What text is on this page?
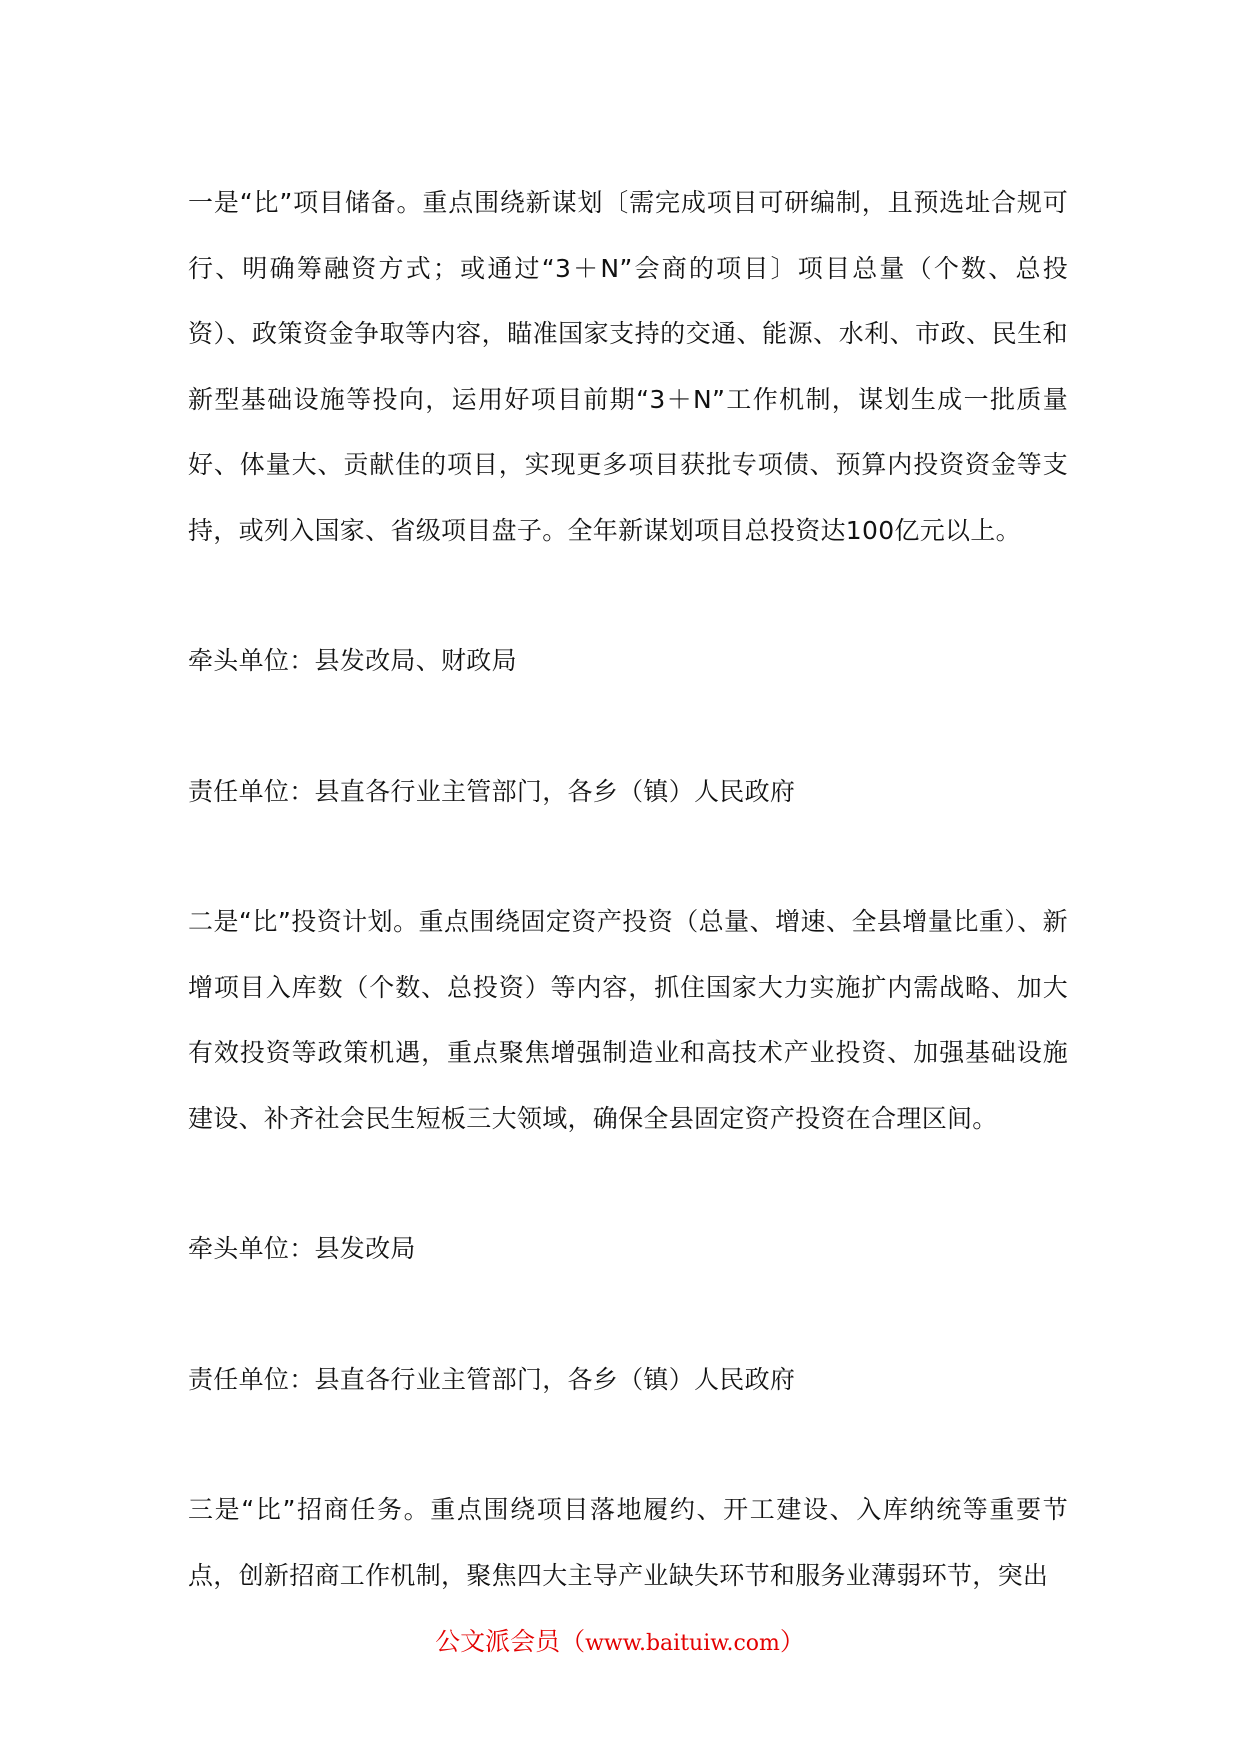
一是“比”项目储备。重点围绕新谋划〔需完成项目可研编制，且预选址合规可行、明确筹融资方式；或通过“3＋N”会商的项目〕项目总量（个数、总投资）、政策资金争取等内容，瞄准国家支持的交通、能源、水利、市政、民生和新型基础设施等投向，运用好项目前期“3＋N”工作机制，谋划生成一批质量好、体量大、贡献佳的项目，实现更多项目获批专项债、预算内投资资金等支持，或列入国家、省级项目盘子。全年新谋划项目总投资达100亿元以上。

牵头单位：县发改局、财政局

责任单位：县直各行业主管部门，各乡（镇）人民政府

二是“比”投资计划。重点围绕固定资产投资（总量、增速、全县增量比重）、新增项目入库数（个数、总投资）等内容，抓住国家大力实施扩内需战略、加大有效投资等政策机遇，重点聚焦增强制造业和高技术产业投资、加强基础设施建设、补齐社会民生短板三大领域，确保全县固定资产投资在合理区间。

牵头单位：县发改局

责任单位：县直各行业主管部门，各乡（镇）人民政府

三是“比”招商任务。重点围绕项目落地履约、开工建设、入库纳统等重要节点，创新招商工作机制，聚焦四大主导产业缺失环节和服务业薄弱环节，突出

公文派会员（www.baituiw.com）
